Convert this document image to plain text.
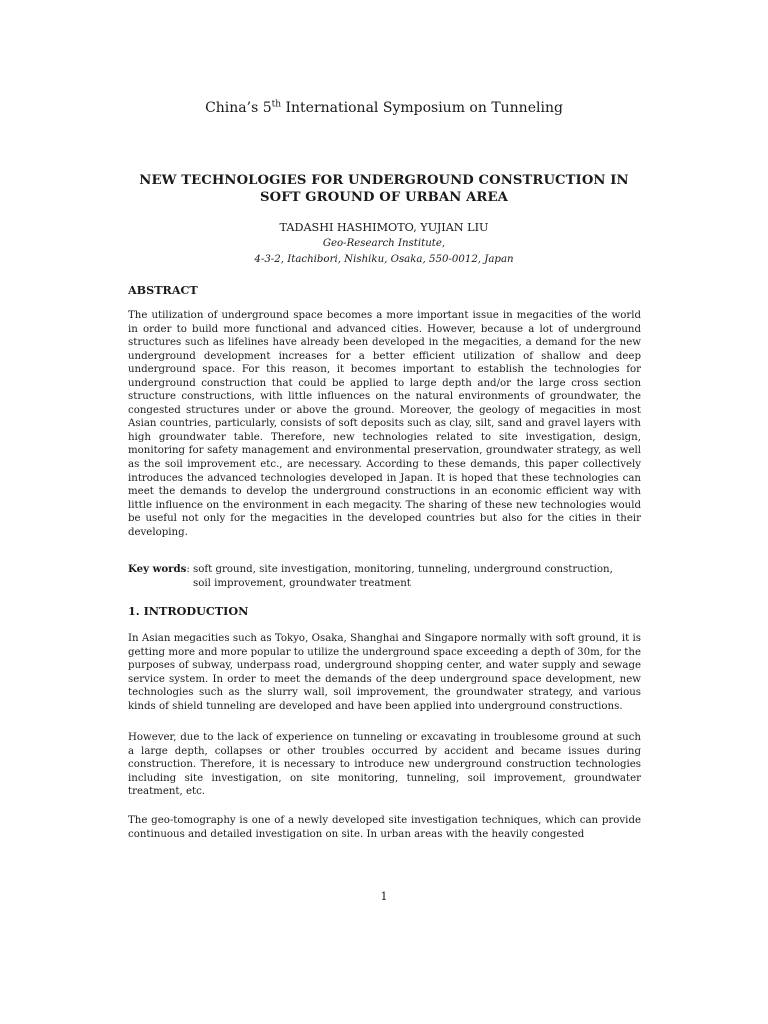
China’s 5th International Symposium on Tunneling
NEW TECHNOLOGIES FOR UNDERGROUND CONSTRUCTION IN
SOFT GROUND OF URBAN AREA
TADASHI HASHIMOTO, YUJIAN LIU
Geo-Research Institute,
4-3-2, Itachibori, Nishiku, Osaka, 550-0012, Japan
ABSTRACT
The utilization of underground space becomes a more important issue in megacities of the world in order to build more functional and advanced cities. However, because a lot of underground structures such as lifelines have already been developed in the megacities, a demand for the new underground development increases for a better efficient utilization of shallow and deep underground space. For this reason, it becomes important to establish the technologies for underground construction that could be applied to large depth and/or the large cross section structure constructions, with little influences on the natural environments of groundwater, the congested structures under or above the ground. Moreover, the geology of megacities in most Asian countries, particularly, consists of soft deposits such as clay, silt, sand and gravel layers with high groundwater table. Therefore, new technologies related to site investigation, design, monitoring for safety management and environmental preservation, groundwater strategy, as well as the soil improvement etc., are necessary. According to these demands, this paper collectively introduces the advanced technologies developed in Japan. It is hoped that these technologies can meet the demands to develop the underground constructions in an economic efficient way with little influence on the environment in each megacity. The sharing of these new technologies would be useful not only for the megacities in the developed countries but also for the cities in their developing.
Key words: soft ground, site investigation, monitoring, tunneling, underground construction,
soil improvement, groundwater treatment
1. INTRODUCTION
In Asian megacities such as Tokyo, Osaka, Shanghai and Singapore normally with soft ground, it is getting more and more popular to utilize the underground space exceeding a depth of 30m, for the purposes of subway, underpass road, underground shopping center, and water supply and sewage service system. In order to meet the demands of the deep underground space development, new technologies such as the slurry wall, soil improvement, the groundwater strategy, and various kinds of shield tunneling are developed and have been applied into underground constructions.
However, due to the lack of experience on tunneling or excavating in troublesome ground at such a large depth, collapses or other troubles occurred by accident and became issues during construction. Therefore, it is necessary to introduce new underground construction technologies including site investigation, on site monitoring, tunneling, soil improvement, groundwater treatment, etc.
The geo-tomography is one of a newly developed site investigation techniques, which can provide continuous and detailed investigation on site. In urban areas with the heavily congested
1
